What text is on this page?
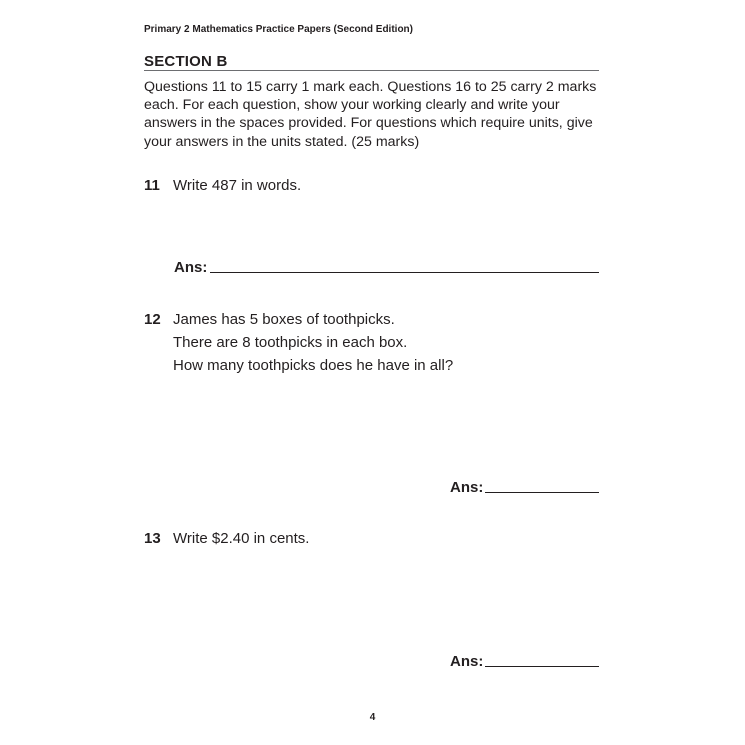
Primary 2 Mathematics Practice Papers (Second Edition)
SECTION B
Questions 11 to 15 carry 1 mark each. Questions 16 to 25 carry 2 marks each. For each question, show your working clearly and write your answers in the spaces provided. For questions which require units, give your answers in the units stated. (25 marks)
11 Write 487 in words.
Ans:
12 James has 5 boxes of toothpicks.
There are 8 toothpicks in each box.
How many toothpicks does he have in all?
Ans:
13 Write $2.40 in cents.
Ans:
4
